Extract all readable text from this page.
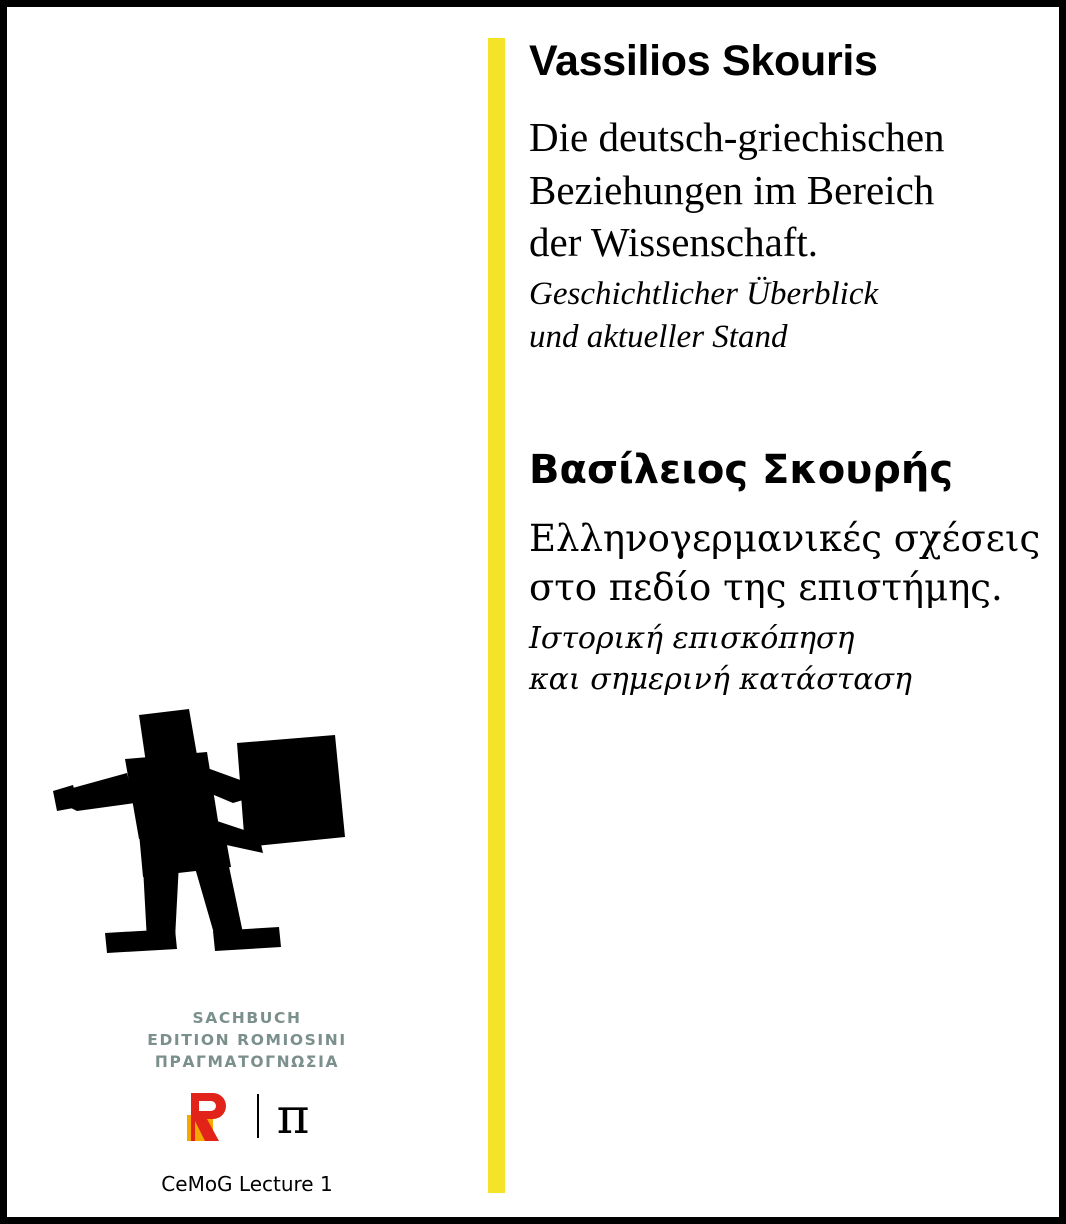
Vassilios Skouris
Die deutsch-griechischen
Beziehungen im Bereich
der Wissenschaft.
Geschichtlicher Überblick
und aktueller Stand
Βασίλειος Σκουρής
Ελληνογερμανικές σχέσεις
στο πεδίο της επιστήμης.
Ιστορική επισκόπηση
και σημερινή κατάσταση
SACHBUCH
EDITION ROMIOSINI
ΠΡΑΓΜΑΤΟΓΝΩΣΙΑ
π
CeMoG Lecture 1
